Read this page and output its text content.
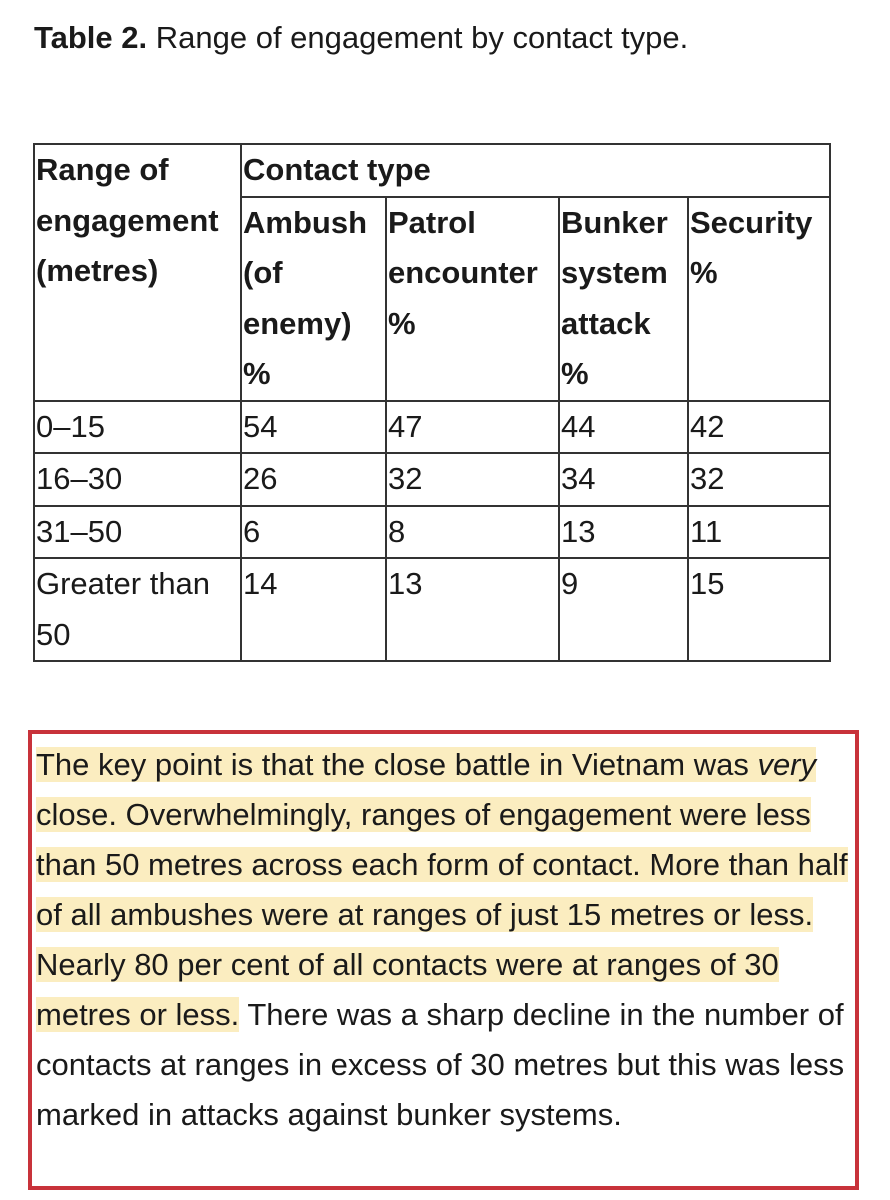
Table 2. Range of engagement by contact type.
Range of engagement (metres)	Contact type			
	Ambush (of enemy) %	Patrol encounter %	Bunker system attack %	Security %
0–15	54	47	44	42
16–30	26	32	34	32
31–50	6	8	13	11
Greater than 50	14	13	9	15

The key point is that the close battle in Vietnam was very close. Overwhelmingly, ranges of engagement were less than 50 metres across each form of contact. More than half of all ambushes were at ranges of just 15 metres or less. Nearly 80 per cent of all contacts were at ranges of 30 metres or less. There was a sharp decline in the number of contacts at ranges in excess of 30 metres but this was less marked in attacks against bunker systems.
